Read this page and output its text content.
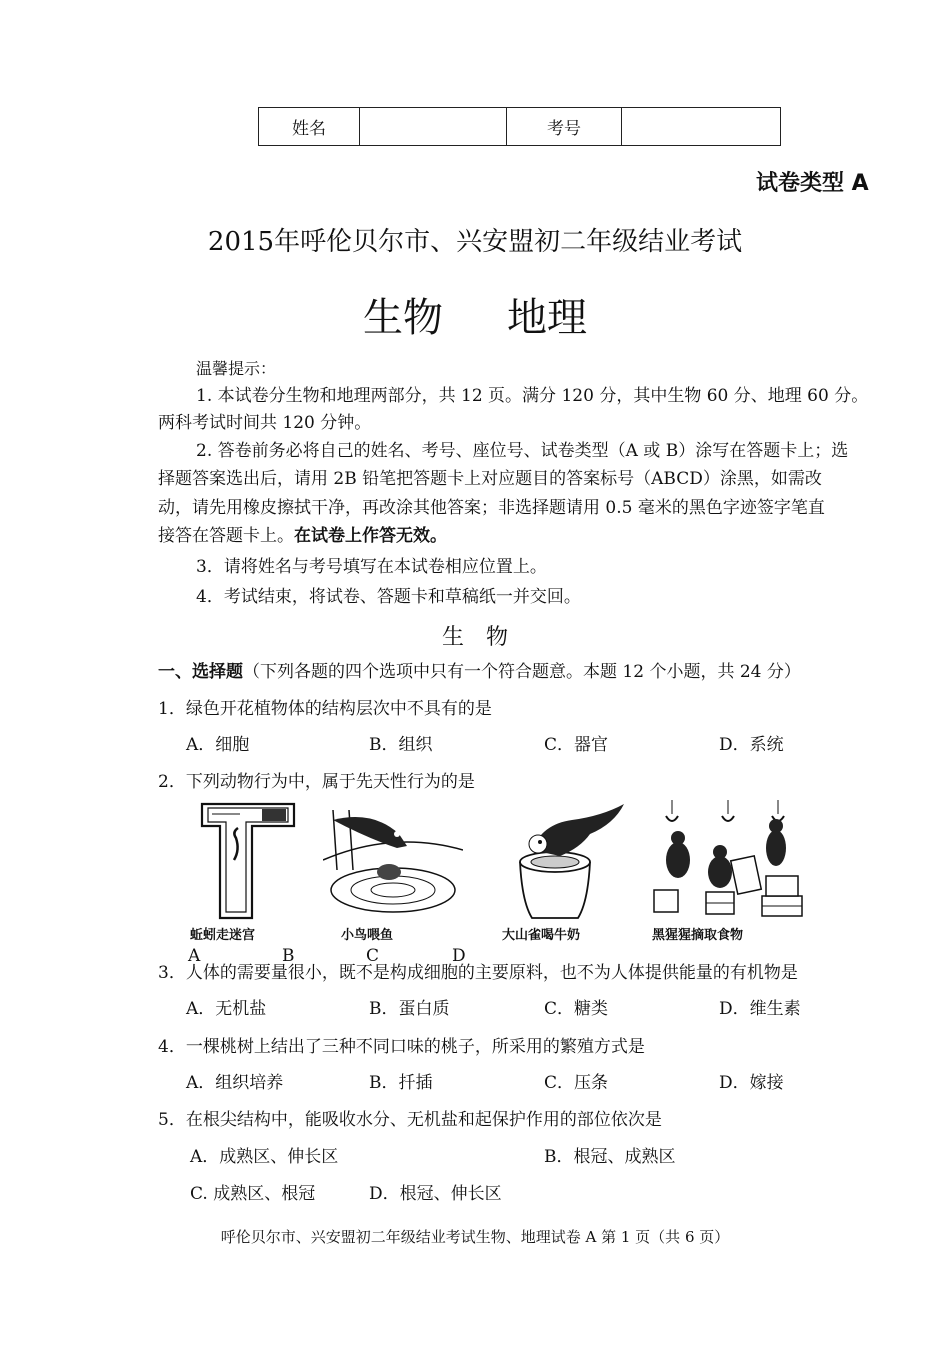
姓名		考号	
试卷类型 A
2015年呼伦贝尔市、兴安盟初二年级结业考试
生物 地理
温馨提示：
1. 本试卷分生物和地理两部分，共 12 页。满分 120 分，其中生物 60 分、地理 60 分。
两科考试时间共 120 分钟。
2. 答卷前务必将自己的姓名、考号、座位号、试卷类型（A 或 B）涂写在答题卡上；选
择题答案选出后，请用 2B 铅笔把答题卡上对应题目的答案标号（ABCD）涂黑，如需改
动，请先用橡皮擦拭干净，再改涂其他答案；非选择题请用 0.5 毫米的黑色字迹签字笔直
接答在答题卡上。在试卷上作答无效。
3．请将姓名与考号填写在本试卷相应位置上。
4．考试结束，将试卷、答题卡和草稿纸一并交回。
生　物
一、选择题（下列各题的四个选项中只有一个符合题意。本题 12 个小题，共 24 分）
1．绿色开花植物体的结构层次中不具有的是
A．细胞	B．组织	C．器官	D．系统
2．下列动物行为中，属于先天性行为的是
蚯蚓走迷宫	小鸟喂鱼	大山雀喝牛奶	黑猩猩摘取食物
A	B	C	D
3．人体的需要量很小，既不是构成细胞的主要原料，也不为人体提供能量的有机物是
A．无机盐	B．蛋白质	C．糖类	D．维生素
4．一棵桃树上结出了三种不同口味的桃子，所采用的繁殖方式是
A．组织培养	B．扦插	C．压条	D．嫁接
5．在根尖结构中，能吸收水分、无机盐和起保护作用的部位依次是
A．成熟区、伸长区	B．根冠、成熟区
C. 成熟区、根冠	D．根冠、伸长区
呼伦贝尔市、兴安盟初二年级结业考试生物、地理试卷 A 第 1 页（共 6 页）
